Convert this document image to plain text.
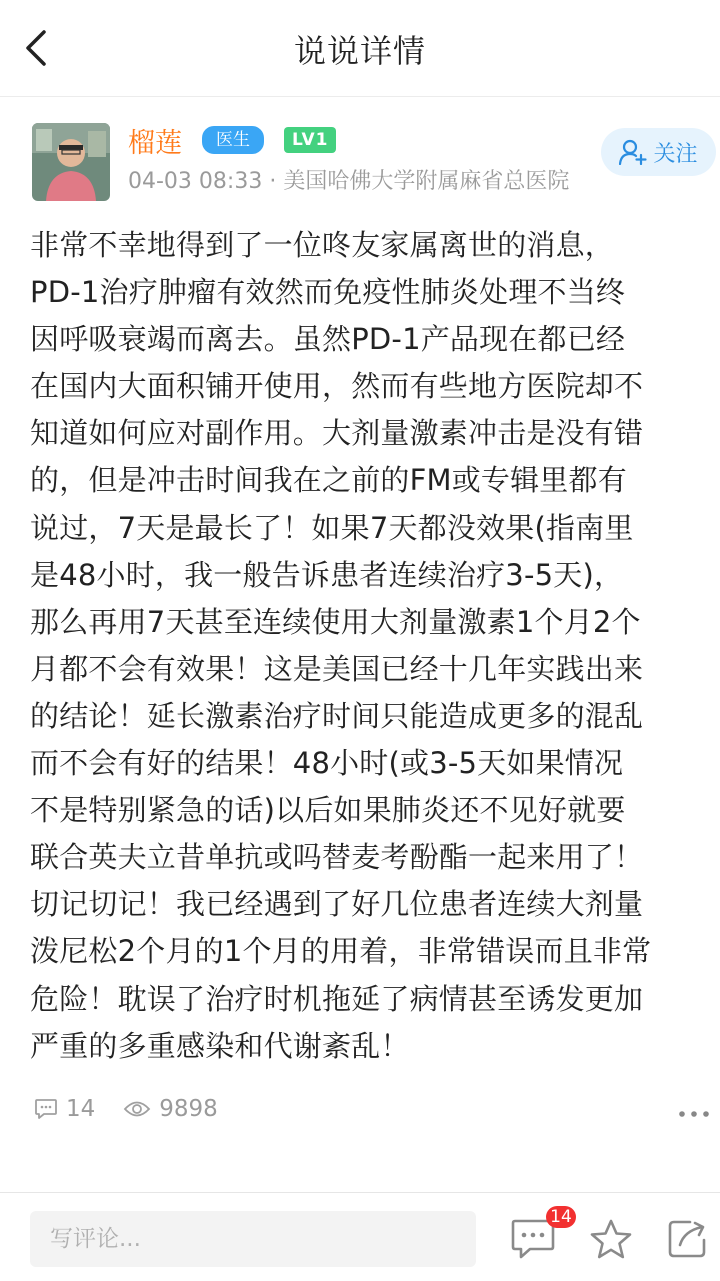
说说详情
榴莲	医生	LV1
04-03 08:33 · 美国哈佛大学附属麻省总医院
关注

非常不幸地得到了一位咚友家属离世的消息，

PD-1治疗肿瘤有效然而免疫性肺炎处理不当终

因呼吸衰竭而离去。虽然PD-1产品现在都已经

在国内大面积铺开使用，然而有些地方医院却不

知道如何应对副作用。大剂量激素冲击是没有错

的，但是冲击时间我在之前的FM或专辑里都有

说过，7天是最长了！如果7天都没效果(指南里

是48小时，我一般告诉患者连续治疗3-5天)，

那么再用7天甚至连续使用大剂量激素1个月2个

月都不会有效果！这是美国已经十几年实践出来

的结论！延长激素治疗时间只能造成更多的混乱

而不会有好的结果！48小时(或3-5天如果情况

不是特别紧急的话)以后如果肺炎还不见好就要

联合英夫立昔单抗或吗替麦考酚酯一起来用了！

切记切记！我已经遇到了好几位患者连续大剂量

泼尼松2个月的1个月的用着，非常错误而且非常

危险！耽误了治疗时机拖延了病情甚至诱发更加

严重的多重感染和代谢紊乱！

14	9898
写评论...
14
